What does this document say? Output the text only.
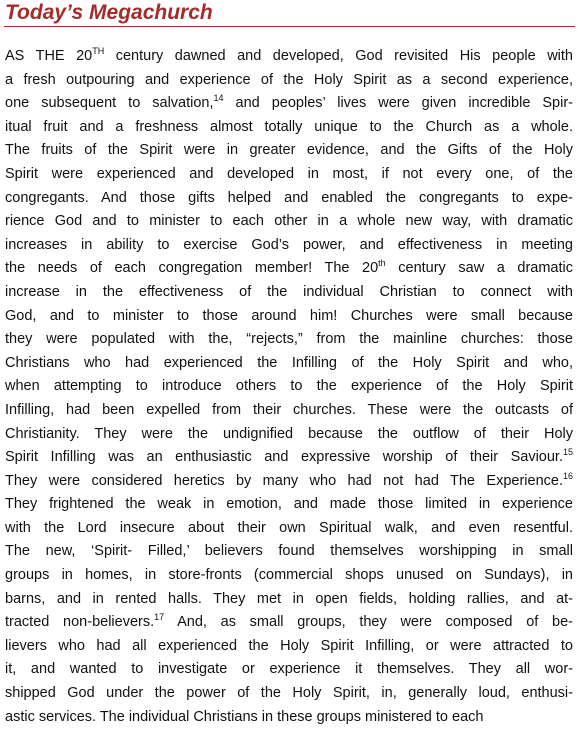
Today’s Megachurch
AS THE 20TH century dawned and developed, God revisited His people with
a fresh outpouring and experience of the Holy Spirit as a second experience,
one subsequent to salvation,$^{14}$ and peoples’ lives were given incredible Spir-
itual fruit and a freshness almost totally unique to the Church as a whole.
The fruits of the Spirit were in greater evidence, and the Gifts of the Holy
Spirit were experienced and developed in most, if not every one, of the
congregants. And those gifts helped and enabled the congregants to expe-
rience God and to minister to each other in a whole new way, with dramatic
increases in ability to exercise God’s power, and effectiveness in meeting
the needs of each congregation member! The 20th century saw a dramatic
increase in the effectiveness of the individual Christian to connect with
God, and to minister to those around him! Churches were small because
they were populated with the, “rejects,” from the mainline churches: those
Christians who had experienced the Infilling of the Holy Spirit and who,
when attempting to introduce others to the experience of the Holy Spirit
Infilling, had been expelled from their churches. These were the outcasts of
Christianity. They were the undignified because the outflow of their Holy
Spirit Infilling was an enthusiastic and expressive worship of their Saviour.$^{15}$
They were considered heretics by many who had not had The Experience.$^{16}$
They frightened the weak in emotion, and made those limited in experience
with the Lord insecure about their own Spiritual walk, and even resentful.
The new, ‘Spirit- Filled,’ believers found themselves worshipping in small
groups in homes, in store-fronts (commercial shops unused on Sundays), in
barns, and in rented halls. They met in open fields, holding rallies, and at-
tracted non-believers.$^{17}$ And, as small groups, they were composed of be-
lievers who had all experienced the Holy Spirit Infilling, or were attracted to
it, and wanted to investigate or experience it themselves. They all wor-
shipped God under the power of the Holy Spirit, in, generally loud, enthusi-
astic services. The individual Christians in these groups ministered to each
